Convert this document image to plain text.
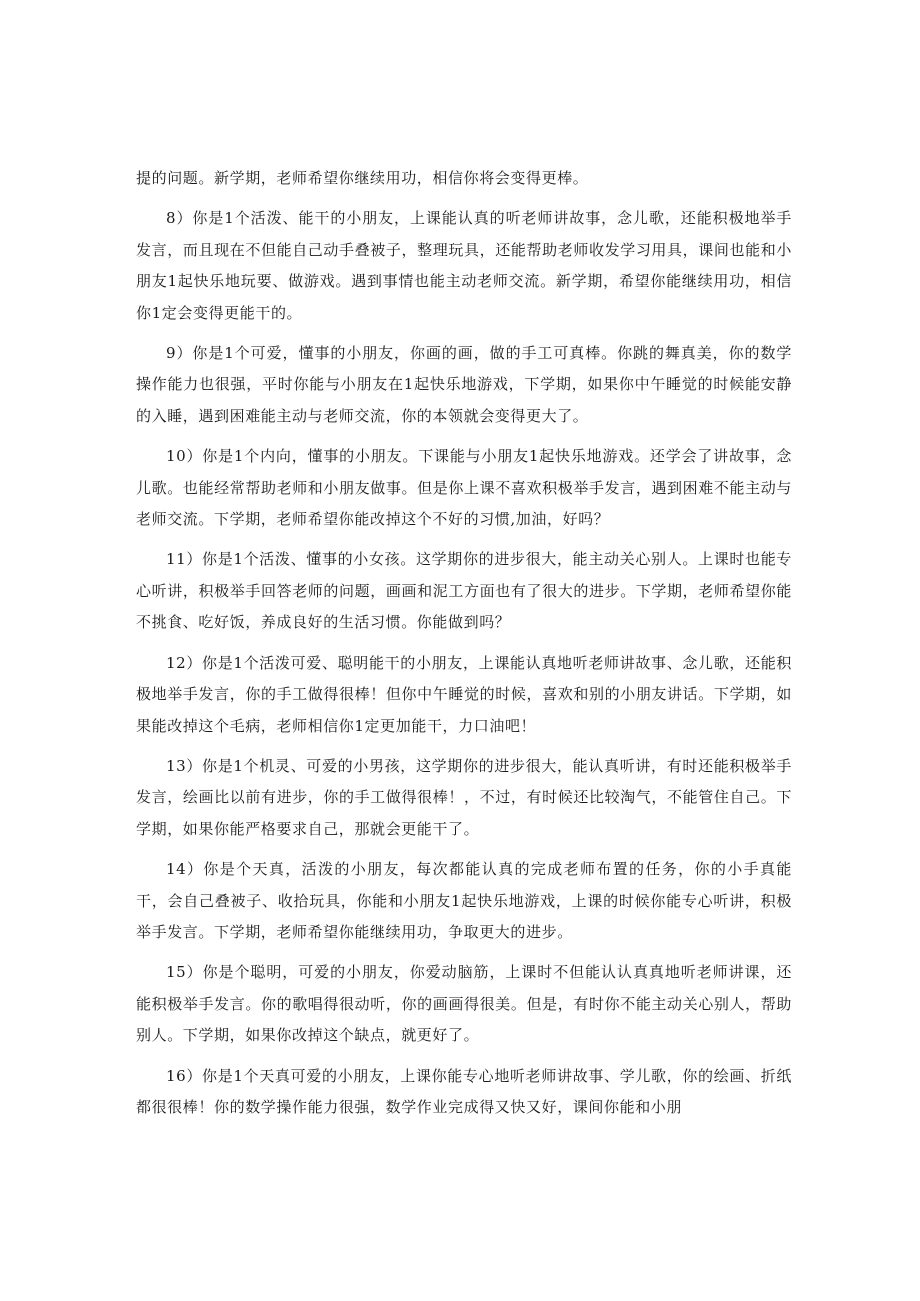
提的问题。新学期，老师希望你继续用功，相信你将会变得更棒。

8）你是1个活泼、能干的小朋友，上课能认真的听老师讲故事，念儿歌，还能积极地举手发言，而且现在不但能自己动手叠被子，整理玩具，还能帮助老师收发学习用具，课间也能和小朋友1起快乐地玩要、做游戏。遇到事情也能主动老师交流。新学期，希望你能继续用功，相信你1定会变得更能干的。

9）你是1个可爱，懂事的小朋友，你画的画，做的手工可真棒。你跳的舞真美，你的数学操作能力也很强，平时你能与小朋友在1起快乐地游戏，下学期，如果你中午睡觉的时候能安静的入睡，遇到困难能主动与老师交流，你的本领就会变得更大了。

10）你是1个内向，懂事的小朋友。下课能与小朋友1起快乐地游戏。还学会了讲故事，念儿歌。也能经常帮助老师和小朋友做事。但是你上课不喜欢积极举手发言，遇到困难不能主动与老师交流。下学期，老师希望你能改掉这个不好的习惯,加油，好吗？

11）你是1个活泼、懂事的小女孩。这学期你的进步很大，能主动关心别人。上课时也能专心听讲，积极举手回答老师的问题，画画和泥工方面也有了很大的进步。下学期，老师希望你能不挑食、吃好饭，养成良好的生活习惯。你能做到吗？

12）你是1个活泼可爱、聪明能干的小朋友，上课能认真地听老师讲故事、念儿歌，还能积极地举手发言，你的手工做得很棒！但你中午睡觉的时候，喜欢和别的小朋友讲话。下学期，如果能改掉这个毛病，老师相信你1定更加能干，力口油吧！

13）你是1个机灵、可爱的小男孩，这学期你的进步很大，能认真听讲，有时还能积极举手发言，绘画比以前有进步，你的手工做得很棒！，不过，有时候还比较淘气，不能管住自己。下学期，如果你能严格要求自己，那就会更能干了。

14）你是个天真，活泼的小朋友，每次都能认真的完成老师布置的任务，你的小手真能干，会自己叠被子、收拾玩具，你能和小朋友1起快乐地游戏，上课的时候你能专心听讲，积极举手发言。下学期，老师希望你能继续用功，争取更大的进步。

15）你是个聪明，可爱的小朋友，你爱动脑筋，上课时不但能认认真真地听老师讲课，还能积极举手发言。你的歌唱得很动听，你的画画得很美。但是，有时你不能主动关心别人，帮助别人。下学期，如果你改掉这个缺点，就更好了。

16）你是1个天真可爱的小朋友，上课你能专心地听老师讲故事、学儿歌，你的绘画、折纸都很很棒！你的数学操作能力很强，数学作业完成得又快又好，课间你能和小朋
